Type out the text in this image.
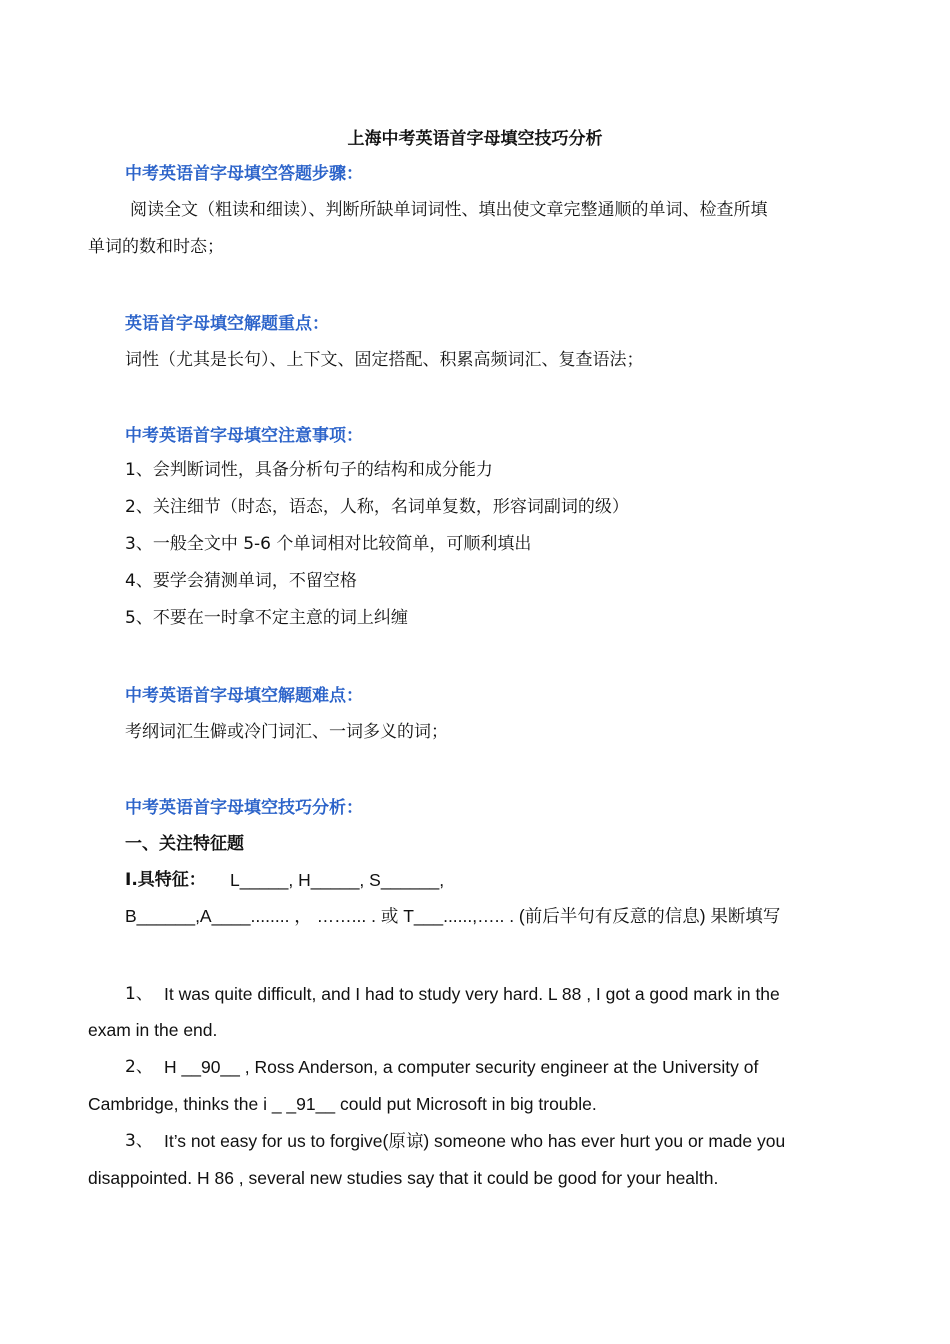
上海中考英语首字母填空技巧分析
中考英语首字母填空答题步骤：
阅读全文（粗读和细读）、判断所缺单词词性、填出使文章完整通顺的单词、检查所填
单词的数和时态；
英语首字母填空解题重点：
词性（尤其是长句）、上下文、固定搭配、积累高频词汇、复查语法；
中考英语首字母填空注意事项：
1、会判断词性，具备分析句子的结构和成分能力
2、关注细节（时态，语态，人称，名词单复数，形容词副词的级）
3、一般全文中 5-6 个单词相对比较简单，可顺利填出
4、要学会猜测单词，不留空格
5、不要在一时拿不定主意的词上纠缠
中考英语首字母填空解题难点：
考纲词汇生僻或冷门词汇、一词多义的词；
中考英语首字母填空技巧分析：
一、关注特征题
I.具特征： L_____, H_____, S______,
B______,A____........ ， ……... . 或 T___......,….. . (前后半句有反意的信息) 果断填写
1、 It was quite difficult, and I had to study very hard. L 88 , I got a good mark in the
exam in the end.
2、 H __90__ , Ross Anderson, a computer security engineer at the University of
Cambridge, thinks the i _ _91__ could put Microsoft in big trouble.
3、 It’s not easy for us to forgive(原谅) someone who has ever hurt you or made you
disappointed. H 86 , several new studies say that it could be good for your health.
